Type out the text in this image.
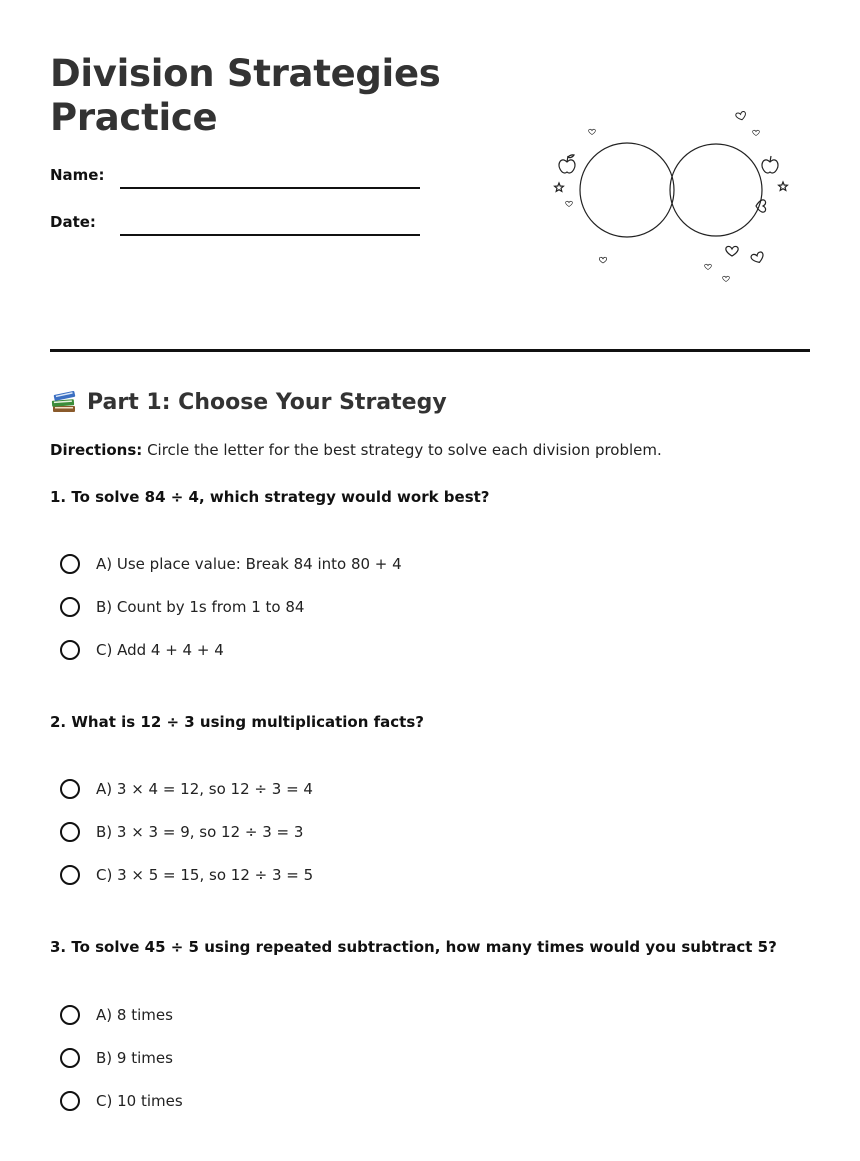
Division Strategies Practice
Name:
Date:
Part 1: Choose Your Strategy
Directions: Circle the letter for the best strategy to solve each division problem.
1. To solve 84 ÷ 4, which strategy would work best?
A) Use place value: Break 84 into 80 + 4
B) Count by 1s from 1 to 84
C) Add 4 + 4 + 4
2. What is 12 ÷ 3 using multiplication facts?
A) 3 × 4 = 12, so 12 ÷ 3 = 4
B) 3 × 3 = 9, so 12 ÷ 3 = 3
C) 3 × 5 = 15, so 12 ÷ 3 = 5
3. To solve 45 ÷ 5 using repeated subtraction, how many times would you subtract 5?
A) 8 times
B) 9 times
C) 10 times
